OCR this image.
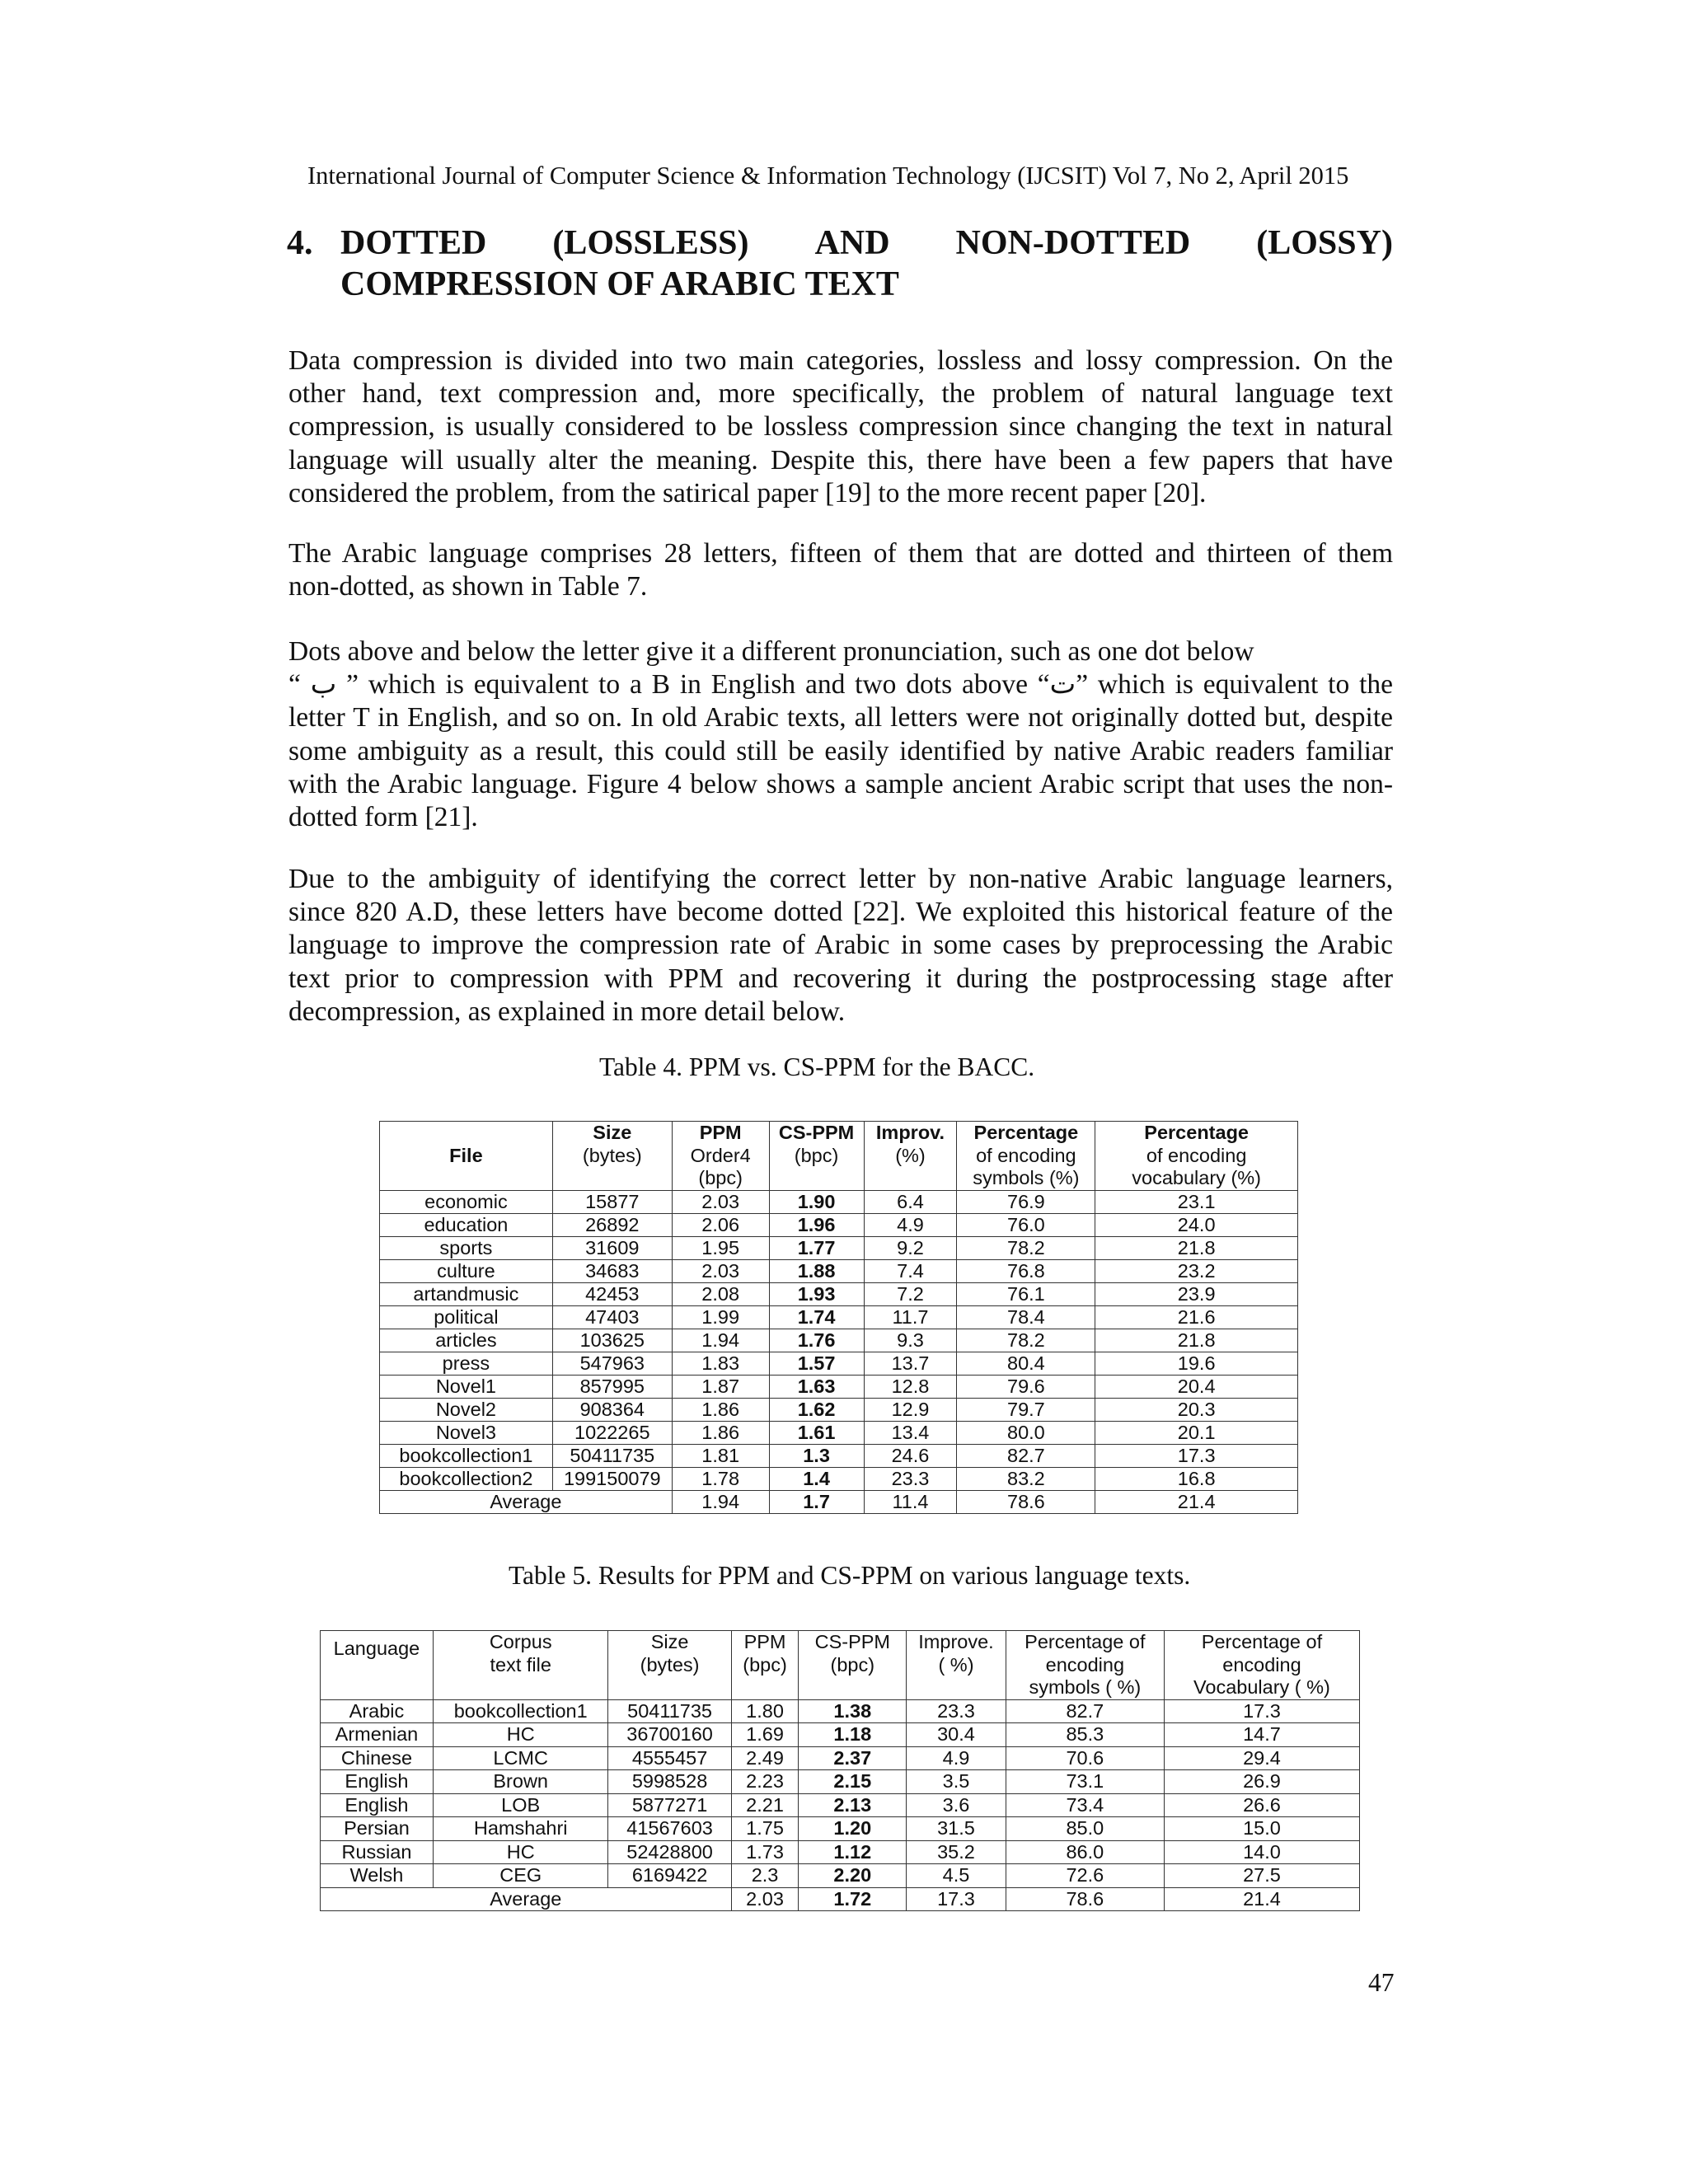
International Journal of Computer Science & Information Technology (IJCSIT) Vol 7, No 2, April 2015
4. DOTTED (LOSSLESS) AND NON-DOTTED (LOSSY)
COMPRESSION OF ARABIC TEXT
Data compression is divided into two main categories, lossless and lossy compression. On the
other hand, text compression and, more specifically, the problem of natural language text
compression, is usually considered to be lossless compression since changing the text in natural
language will usually alter the meaning. Despite this, there have been a few papers that have
considered the problem, from the satirical paper [19] to the more recent paper [20].
The Arabic language comprises 28 letters, fifteen of them that are dotted and thirteen of them
non-dotted, as shown in Table 7.
Dots above and below the letter give it a different pronunciation, such as one dot below
“ ب ” which is equivalent to a B in English and two dots above “ت” which is equivalent to the
letter T in English, and so on. In old Arabic texts, all letters were not originally dotted but, despite
some ambiguity as a result, this could still be easily identified by native Arabic readers familiar
with the Arabic language. Figure 4 below shows a sample ancient Arabic script that uses the non-
dotted form [21].
Due to the ambiguity of identifying the correct letter by non-native Arabic language learners,
since 820 A.D, these letters have become dotted [22]. We exploited this historical feature of the
language to improve the compression rate of Arabic in some cases by preprocessing the Arabic
text prior to compression with PPM and recovering it during the postprocessing stage after
decompression, as explained in more detail below.
Table 4. PPM vs. CS-PPM for the BACC.
File	Size
(bytes)	PPM
Order4
(bpc)	CS-PPM
(bpc)	Improv.
(%)	Percentage
of encoding
symbols (%)	Percentage
of encoding
vocabulary (%)
economic	15877	2.03	1.90	6.4	76.9	23.1
education	26892	2.06	1.96	4.9	76.0	24.0
sports	31609	1.95	1.77	9.2	78.2	21.8
culture	34683	2.03	1.88	7.4	76.8	23.2
artandmusic	42453	2.08	1.93	7.2	76.1	23.9
political	47403	1.99	1.74	11.7	78.4	21.6
articles	103625	1.94	1.76	9.3	78.2	21.8
press	547963	1.83	1.57	13.7	80.4	19.6
Novel1	857995	1.87	1.63	12.8	79.6	20.4
Novel2	908364	1.86	1.62	12.9	79.7	20.3
Novel3	1022265	1.86	1.61	13.4	80.0	20.1
bookcollection1	50411735	1.81	1.3	24.6	82.7	17.3
bookcollection2	199150079	1.78	1.4	23.3	83.2	16.8
Average		1.94	1.7	11.4	78.6	21.4
Table 5. Results for PPM and CS-PPM on various language texts.
Language	Corpus
text file	Size
(bytes)	PPM
(bpc)	CS-PPM
(bpc)	Improve.
( %)	Percentage of
encoding
symbols ( %)	Percentage of
encoding
Vocabulary ( %)
Arabic	bookcollection1	50411735	1.80	1.38	23.3	82.7	17.3
Armenian	HC	36700160	1.69	1.18	30.4	85.3	14.7
Chinese	LCMC	4555457	2.49	2.37	4.9	70.6	29.4
English	Brown	5998528	2.23	2.15	3.5	73.1	26.9
English	LOB	5877271	2.21	2.13	3.6	73.4	26.6
Persian	Hamshahri	41567603	1.75	1.20	31.5	85.0	15.0
Russian	HC	52428800	1.73	1.12	35.2	86.0	14.0
Welsh	CEG	6169422	2.3	2.20	4.5	72.6	27.5
Average			2.03	1.72	17.3	78.6	21.4
47
